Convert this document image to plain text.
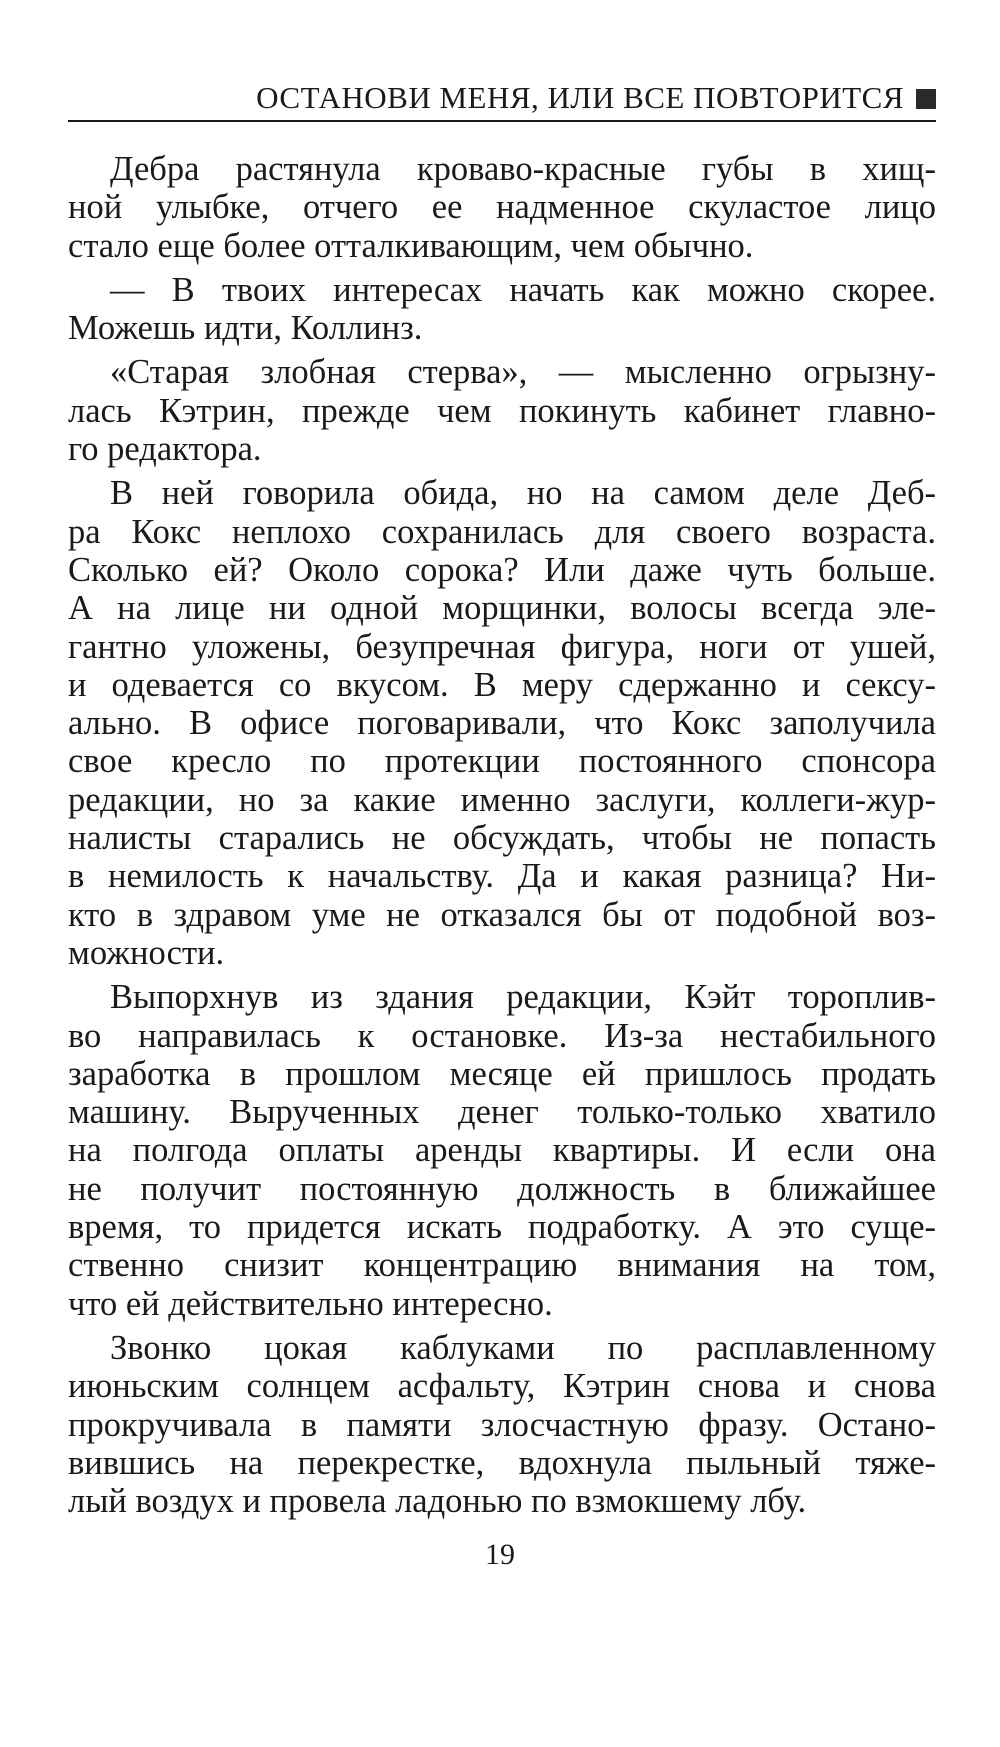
ОСТАНОВИ МЕНЯ, ИЛИ ВСЕ ПОВТОРИТСЯ

Дебра растянула кроваво-красные губы в хищ-
ной улыбке, отчего ее надменное скуластое лицо
стало еще более отталкивающим, чем обычно.

— В твоих интересах начать как можно скорее.
Можешь идти, Коллинз.

«Старая злобная стерва», — мысленно огрызну-
лась Кэтрин, прежде чем покинуть кабинет главно-
го редактора.

В ней говорила обида, но на самом деле Деб-
ра Кокс неплохо сохранилась для своего возраста.
Сколько ей? Около сорока? Или даже чуть больше.
А на лице ни одной морщинки, волосы всегда эле-
гантно уложены, безупречная фигура, ноги от ушей,
и одевается со вкусом. В меру сдержанно и сексу-
ально. В офисе поговаривали, что Кокс заполучила
свое кресло по протекции постоянного спонсора
редакции, но за какие именно заслуги, коллеги-жур-
налисты старались не обсуждать, чтобы не попасть
в немилость к начальству. Да и какая разница? Ни-
кто в здравом уме не отказался бы от подобной воз-
можности.

Выпорхнув из здания редакции, Кэйт тороплив-
во направилась к остановке. Из-за нестабильного
заработка в прошлом месяце ей пришлось продать
машину. Вырученных денег только-только хватило
на полгода оплаты аренды квартиры. И если она
не получит постоянную должность в ближайшее
время, то придется искать подработку. А это суще-
ственно снизит концентрацию внимания на том,
что ей действительно интересно.

Звонко цокая каблуками по расплавленному
июньским солнцем асфальту, Кэтрин снова и снова
прокручивала в памяти злосчастную фразу. Остано-
вившись на перекрестке, вдохнула пыльный тяже-
лый воздух и провела ладонью по взмокшему лбу.

19
